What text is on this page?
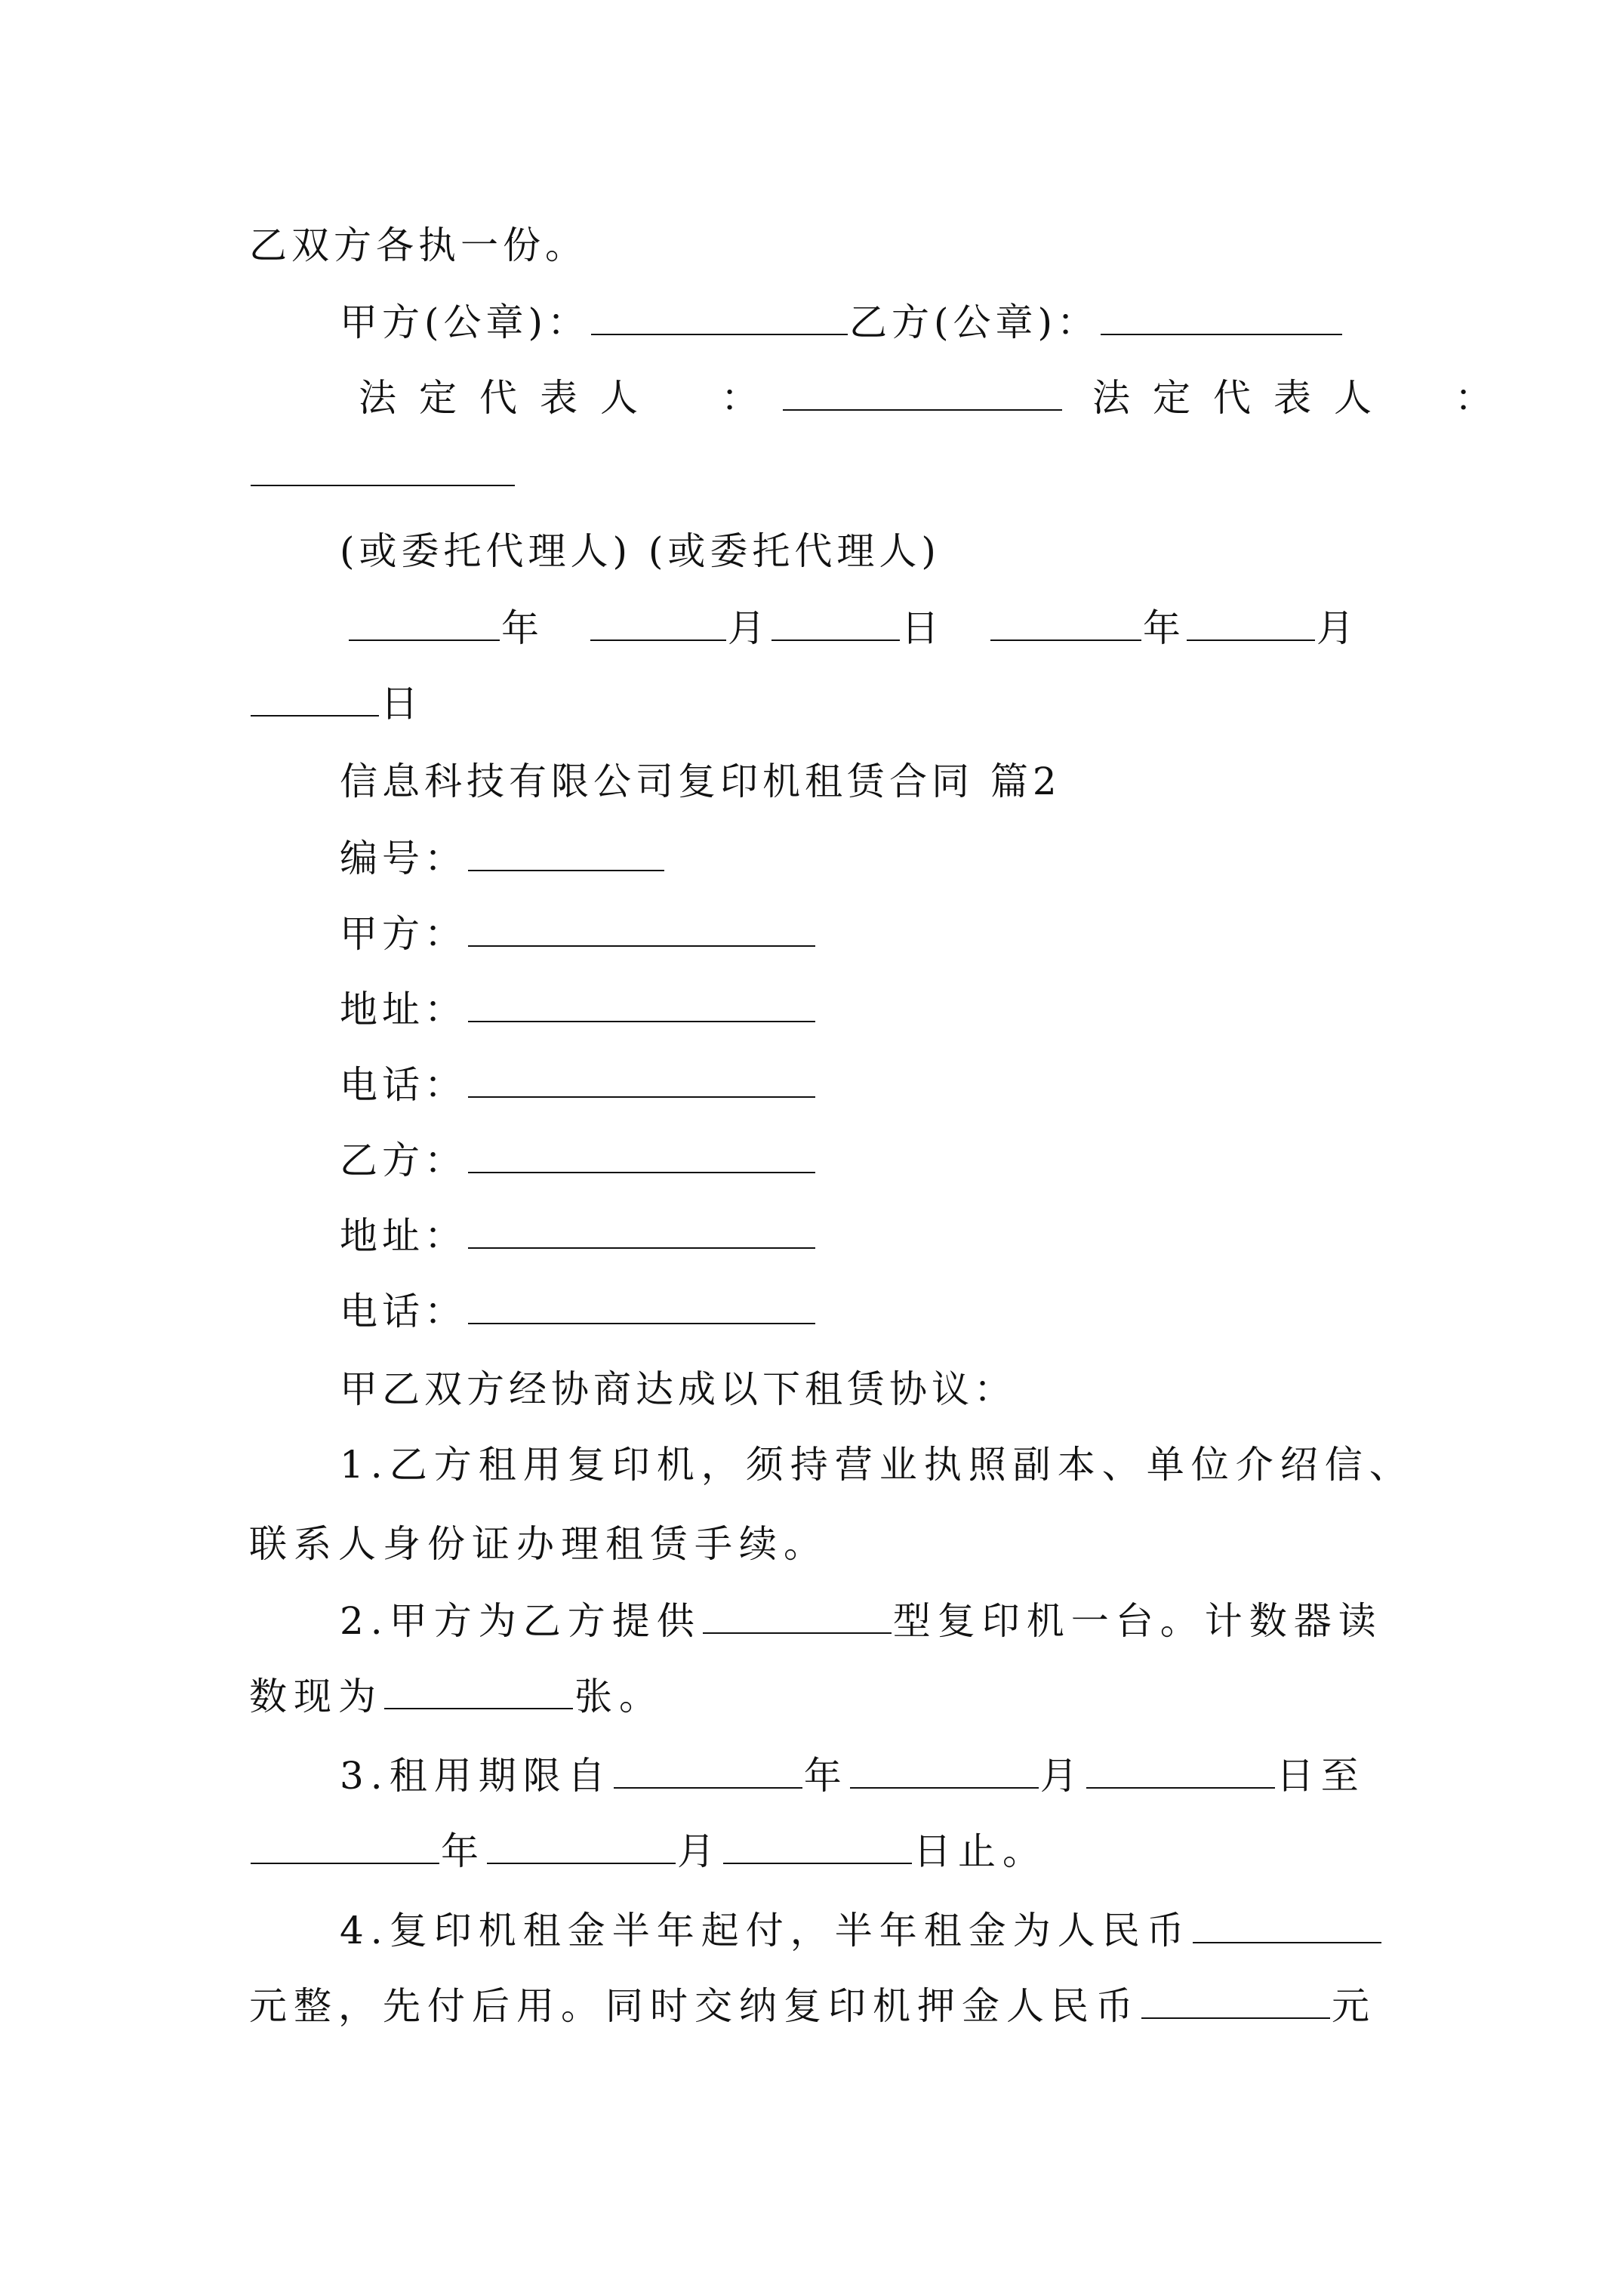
乙双方各执一份。
甲方(公章)：	乙方(公章)：
法定代表人　：	法定代表人　：
(或委托代理人) (或委托代理人)
年	月	日	年	月
日
信息科技有限公司复印机租赁合同 篇2
编号：
甲方：
地址：
电话：
乙方：
地址：
电话：
甲乙双方经协商达成以下租赁协议：
1.乙方租用复印机，须持营业执照副本、单位介绍信、
联系人身份证办理租赁手续。
2.甲方为乙方提供	型复印机一台。计数器读
数现为	张。
3.租用期限自	年	月	日至
年	月	日止。
4.复印机租金半年起付，半年租金为人民币
元整，先付后用。同时交纳复印机押金人民币	元
